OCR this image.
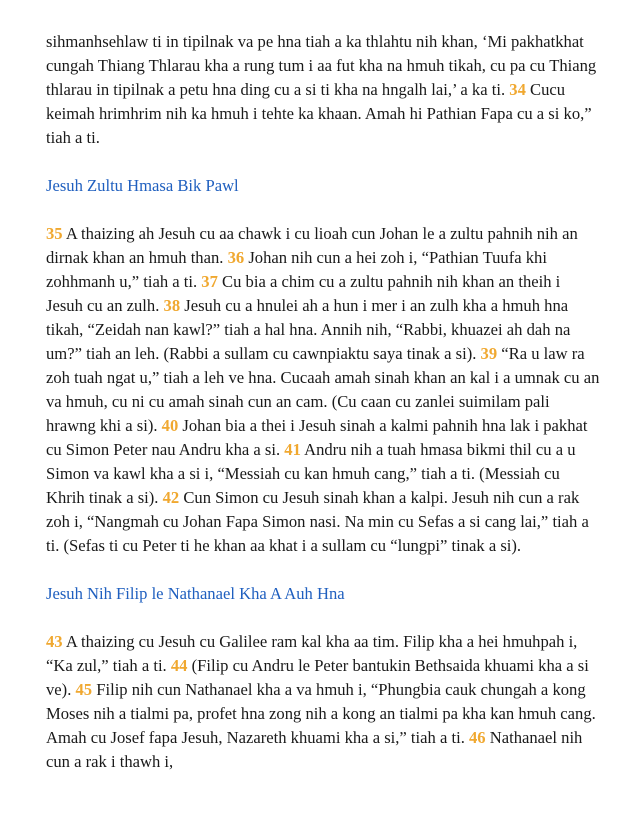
sihmanhsehlaw ti in tipilnak va pe hna tiah a ka thlahtu nih khan, ‘Mi pakhatkhat cungah Thiang Thlarau kha a rung tum i aa fut kha na hmuh tikah, cu pa cu Thiang thlarau in tipilnak a petu hna ding cu a si ti kha na hngalh lai,’ a ka ti. 34 Cucu keimah hrimhrim nih ka hmuh i tehte ka khaan. Amah hi Pathian Fapa cu a si ko,” tiah a ti.

Jesuh Zultu Hmasa Bik Pawl

35 A thaizing ah Jesuh cu aa chawk i cu lioah cun Johan le a zultu pahnih nih an dirnak khan an hmuh than. 36 Johan nih cun a hei zoh i, “Pathian Tuufa khi zohhmanh u,” tiah a ti. 37 Cu bia a chim cu a zultu pahnih nih khan an theih i Jesuh cu an zulh. 38 Jesuh cu a hnulei ah a hun i mer i an zulh kha a hmuh hna tikah, “Zeidah nan kawl?” tiah a hal hna. Annih nih, “Rabbi, khuazei ah dah na um?” tiah an leh. (Rabbi a sullam cu cawnpiaktu saya tinak a si). 39 “Ra u law ra zoh tuah ngat u,” tiah a leh ve hna. Cucaah amah sinah khan an kal i a umnak cu an va hmuh, cu ni cu amah sinah cun an cam. (Cu caan cu zanlei suimilam pali hrawng khi a si). 40 Johan bia a thei i Jesuh sinah a kalmi pahnih hna lak i pakhat cu Simon Peter nau Andru kha a si. 41 Andru nih a tuah hmasa bikmi thil cu a u Simon va kawl kha a si i, “Messiah cu kan hmuh cang,” tiah a ti. (Messiah cu Khrih tinak a si). 42 Cun Simon cu Jesuh sinah khan a kalpi. Jesuh nih cun a rak zoh i, “Nangmah cu Johan Fapa Simon nasi. Na min cu Sefas a si cang lai,” tiah a ti. (Sefas ti cu Peter ti he khan aa khat i a sullam cu “lungpi” tinak a si).

Jesuh Nih Filip le Nathanael Kha A Auh Hna

43 A thaizing cu Jesuh cu Galilee ram kal kha aa tim. Filip kha a hei hmuhpah i, “Ka zul,” tiah a ti. 44 (Filip cu Andru le Peter bantukin Bethsaida khuami kha a si ve). 45 Filip nih cun Nathanael kha a va hmuh i, “Phungbia cauk chungah a kong Moses nih a tialmi pa, profet hna zong nih a kong an tialmi pa kha kan hmuh cang. Amah cu Josef fapa Jesuh, Nazareth khuami kha a si,” tiah a ti. 46 Nathanael nih cun a rak i thawh i,
